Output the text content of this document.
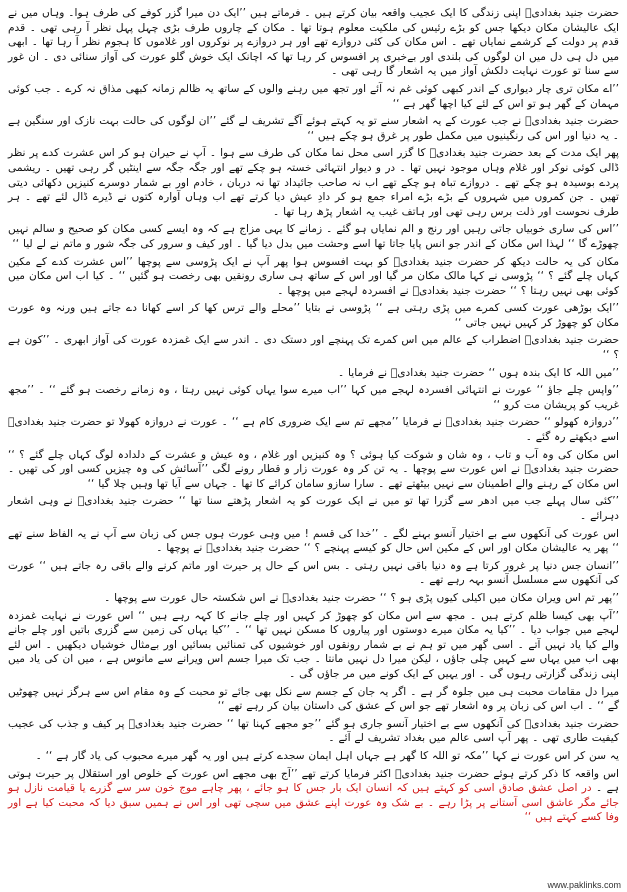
حضرت جنید بغدادیؒ اپنی زندگی کا ایک عجیب واقعہ بیان کرتے ہیں ۔ فرماتے ہیں ’’ایک دن میرا گزر کوفے کی طرف ہوا۔ وہاں میں نے ایک عالیشان مکان دیکھا جس کو بڑے رئیس کی ملکیت معلوم ہوتا تھا ۔ مکان کے چاروں طرف بڑی چہل پہل نظر آ رہی تھی ۔ قدم قدم پر دولت کے کرشمے نمایاں تھے ۔ اس مکان کی کئی دروازے تھے اور ہر دروازے پر نوکروں اور غلاموں کا ہجوم نظر آ رہا تھا ۔ ابھی میں دل ہی دل میں ان لوگوں کی بلندی اور بےخبری پر افسوس کر رہا تھا کہ اچانک ایک خوش گلو عورت کی آواز سنائی دی ۔ ان غور سے سنا تو عورت نہایت دلکش آواز میں یہ اشعار گا رہی تھی ۔

’’اے مکان تری چار دیواری کے اندر کبھی کوئی غم نہ آئے اور تجھ میں رہنے والوں کے ساتھ یہ ظالم زمانہ کبھی مذاق نہ کرے ۔ جب کوئی مہمان کے گھر ہو تو اس کے لئے کیا اچھا گھر ہے ‘‘

حضرت جنید بغدادیؒ نے جب عورت کے یہ اشعار سنے تو یہ کہتے ہوئے آگے تشریف لے گئے ’’ان لوگوں کی حالت بہت نازک اور سنگین ہے ۔ یہ دنیا اور اس کی رنگینیوں میں مکمل طور پر غرق ہو چکے ہیں ‘‘

پھر ایک مدت کے بعد حضرت جنید بغدادیؒ کا گزر اسی محل نما مکان کی طرف سے ہوا ۔ آپ نے حیران ہو کر اس عشرت کدے پر نظر ڈالی کوئی نوکر اور غلام وہاں موجود نہیں تھا ۔ در و دیوار انتہائی خستہ ہو چکے تھے اور جگہ جگہ سے اینٹیں گر رہی تھیں ۔ ریشمی پردے بوسیدہ ہو چکے تھے ۔ دروازے تباہ ہو چکے تھے اب نہ صاحب جائیداد تھا نہ دربان ، خادم اور بے شمار دوسرے کنیزیں دکھائی دیتی تھیں ۔ جن کمروں میں شہروں کے بڑے بڑے امراء جمع ہو کر دادِ عیش دیا کرتے تھے اب وہاں آوارہ کتوں نے ڈیرے ڈال لئے تھے ۔ ہر طرف نحوست اور ذلت برس رہی تھی اور ہاتف غیب یہ اشعار پڑھ رہا تھا ۔

’’اس کی ساری خوبیاں جاتی رہیں اور رنج و الم نمایاں ہو گئے ۔ زمانے کا یہی مزاج ہے کہ وہ ایسے کسی مکان کو صحیح و سالم نہیں چھوڑے گا ‘‘ لہذا اس مکان کے اندر جو انس پایا جاتا تھا اسے وحشت میں بدل دیا گیا ۔ اور کیف و سرور کی جگہ شور و ماتم نے لے لیا ‘‘

مکان کی یہ حالت دیکھ کر حضرت جنید بغدادیؒ کو بہت افسوس ہوا پھر آپ نے ایک پڑوسی سے پوچھا ’’اس عشرت کدے کے مکین کہاں چلے گئے ؟ ‘‘ پڑوسی نے کہا مالک مکان مر گیا اور اس کے ساتھ ہی ساری رونقیں بھی رخصت ہو گئیں ‘‘ ۔ کیا اب اس مکان میں کوئی بھی نہیں رہتا ؟ ‘‘ حضرت جنید بغدادیؒ نے افسردہ لہجے میں پوچھا ۔

’’ایک بوڑھی عورت کسی کمرے میں پڑی رہتی ہے ‘‘ پڑوسی نے بتایا ’’محلے والے ترس کھا کر اسے کھانا دے جاتے ہیں ورنہ وہ عورت مکان کو چھوڑ کر کہیں نہیں جاتی ‘‘

حضرت جنید بغدادیؒ اضطراب کے عالم میں اس کمرے تک پہنچے اور دستک دی ۔ اندر سے ایک غمزدہ عورت کی آواز ابھری ۔ ’’کون ہے ؟ ‘‘

’’میں اللہ کا ایک بندہ ہوں ‘‘ حضرت جنید بغدادیؒ نے فرمایا ۔

’’واپس چلے جاؤ ‘‘ عورت نے انتہائی افسردہ لہجے میں کہا ’’اب میرے سوا یہاں کوئی نہیں رہتا ، وہ زمانے رخصت ہو گئے ‘‘ ۔ ’’مجھ غریب کو پریشان مت کرو ‘‘

’’دروازہ کھولو ‘‘ حضرت جنید بغدادیؒ نے فرمایا ’’مجھے تم سے ایک ضروری کام ہے ‘‘ ۔ عورت نے دروازہ کھولا تو حضرت جنید بغدادیؒ اسے دیکھتے رہ گئے ۔

اس مکان کی وہ آب و تاب ، وہ شان و شوکت کیا ہوئی ؟ وہ کنیزیں اور غلام ، وہ عیش و عشرت کے دلدادہ لوگ کہاں چلے گئے ؟ ‘‘ حضرت جنید بغدادیؒ نے اس عورت سے پوچھا ۔ یہ تن کر وہ عورت زار و قطار رونے لگی ’’آسائش کی وہ چیزیں کسی اور کی تھیں ۔ اس مکان کے رہنے والے اطمینان سے نہیں بیٹھتے تھے ۔ سارا سازو سامان کرائے کا تھا ۔ جہاں سے آیا تھا وہیں چلا گیا ‘‘

’’کئی سال پہلے جب میں ادھر سے گزرا تھا تو میں نے ایک عورت کو یہ اشعار پڑھتے سنا تھا ‘‘ حضرت جنید بغدادیؒ نے وہی اشعار دہرائے ۔

اس عورت کی آنکھوں سے بے اختیار آنسو بہنے لگے ۔ ’’خدا کی قسم ! میں وہی عورت ہوں جس کی زبان سے آپ نے یہ الفاظ سنے تھے ‘‘ پھر یہ عالیشان مکان اور اس کے مکین اس حال کو کیسے پہنچے ؟ ‘‘ حضرت جنید بغدادیؒ نے پوچھا ۔

’’انسان جس دنیا پر غرور کرتا ہے وہ دنیا باقی نہیں رہتی ۔ بس اس کے حال پر حیرت اور ماتم کرنے والے باقی رہ جاتے ہیں ‘‘ عورت کی آنکھوں سے مسلسل آنسو بہہ رہے تھے ۔

’’پھر تم اس ویران مکان میں اکیلی کیوں پڑی ہو ؟ ‘‘ حضرت جنید بغدادیؒ نے اس شکستہ حال عورت سے پوچھا ۔

’’آپ بھی کیسا ظلم کرتے ہیں ۔ مجھ سے اس مکان کو چھوڑ کر کہیں اور چلے جانے کا کہہ رہے ہیں ‘‘ اس عورت نے نہایت غمزدہ لہجے میں جواب دیا ۔ ’’کیا یہ مکان میرے دوستوں اور پیاروں کا مسکن نہیں تھا ‘‘ ۔ ’’کیا یہاں کی زمین سے گزری باتیں اور چلے جانے والے کیا یاد نہیں آتے ۔ اسی گھر میں تو ہم نے بے شمار رونقوں اور خوشیوں کی تمنائیں بسائیں اور بےمثال خوشیاں دیکھیں ۔ اس لئے بھی اب میں یہاں سے کہیں چلی جاؤں ، لیکن میرا دل نہیں مانتا ۔ جب تک میرا جسم اس ویرانے سے مانوس ہے ، میں ان کی یاد میں اپنی زندگی گزارتی رہوں گی ۔ اور یہیں کے ایک کونے میں مر جاؤں گی ۔

میرا دل مقامات محبت ہی میں جلوہ گر ہے ۔ اگر یہ جان کے جسم سے نکل بھی جائے تو محبت کے وہ مقام اس سے ہرگز نہیں چھوٹیں گے ‘‘ ۔ اب اس کی زبان پر وہ اشعار تھے جو اس کے عشق کی داستان بیان کر رہے تھے ‘‘

حضرت جنید بغدادیؒ کی آنکھوں سے بے اختیار آنسو جاری ہو گئے ’’جو مجھے کہنا تھا ‘‘ حضرت جنید بغدادیؒ پر کیف و جذب کی عجیب کیفیت طاری تھی ۔ پھر آپ اسی عالم میں بغداد تشریف لے آئے ۔

یہ سن کر اس عورت نے کہا ’’مکہ تو اللہ کا گھر ہے جہاں اہل ایمان سجدے کرتے ہیں اور یہ گھر میرے محبوب کی یاد گار ہے ‘‘ ۔

اس واقعہ کا ذکر کرتے ہوئے حضرت جنید بغدادیؒ اکثر فرمایا کرتے تھے ’’آج بھی مجھے اس عورت کے خلوص اور استقلال پر حیرت ہوتی ہے ۔ در اصل عشق صادق اسی کو کہتے ہیں کہ انسان ایک بار جس کا ہو جائے ، پھر چاہے موج خون سر سے گزرے یا قیامت نازل ہو جائے مگر عاشق اسی آستانے پر پڑا رہے ۔ بے شک وہ عورت اپنے عشق میں سچی تھی اور اس نے ہمیں سبق دیا کہ محبت کیا ہے اور وفا کسے کہتے ہیں ‘‘

www.paklinks.com
